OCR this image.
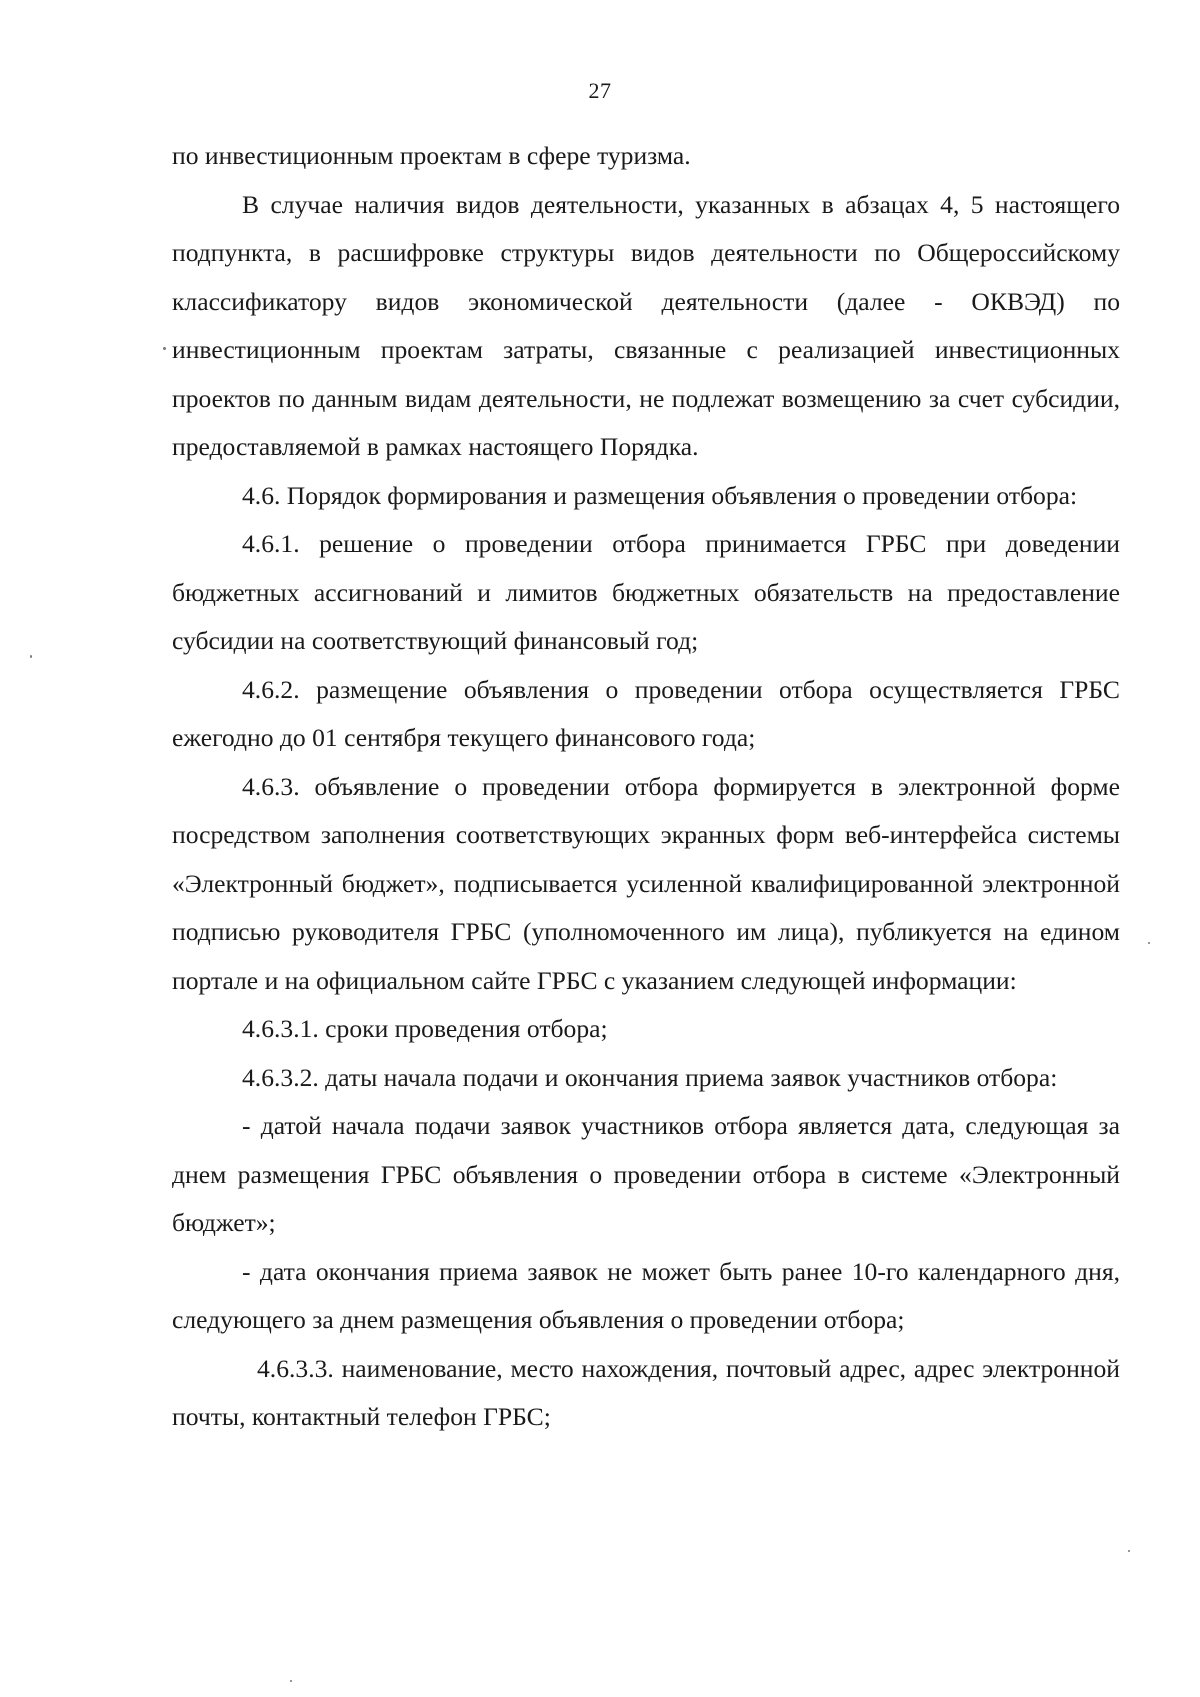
27

по инвестиционным проектам в сфере туризма.

В случае наличия видов деятельности, указанных в абзацах 4, 5 настоящего подпункта, в расшифровке структуры видов деятельности по Общероссийскому классификатору видов экономической деятельности (далее - ОКВЭД) по инвестиционным проектам затраты, связанные с реализацией инвестиционных проектов по данным видам деятельности, не подлежат возмещению за счет субсидии, предоставляемой в рамках настоящего Порядка.

4.6. Порядок формирования и размещения объявления о проведении отбора:

4.6.1. решение о проведении отбора принимается ГРБС при доведении бюджетных ассигнований и лимитов бюджетных обязательств на предоставление субсидии на соответствующий финансовый год;

4.6.2. размещение объявления о проведении отбора осуществляется ГРБС ежегодно до 01 сентября текущего финансового года;

4.6.3. объявление о проведении отбора формируется в электронной форме посредством заполнения соответствующих экранных форм веб-интерфейса системы «Электронный бюджет», подписывается усиленной квалифицированной электронной подписью руководителя ГРБС (уполномоченного им лица), публикуется на едином портале и на официальном сайте ГРБС с указанием следующей информации:

4.6.3.1. сроки проведения отбора;

4.6.3.2. даты начала подачи и окончания приема заявок участников отбора:

- датой начала подачи заявок участников отбора является дата, следующая за днем размещения ГРБС объявления о проведении отбора в системе «Электронный бюджет»;

- дата окончания приема заявок не может быть ранее 10-го календарного дня, следующего за днем размещения объявления о проведении отбора;

4.6.3.3. наименование, место нахождения, почтовый адрес, адрес электронной почты, контактный телефон ГРБС;
